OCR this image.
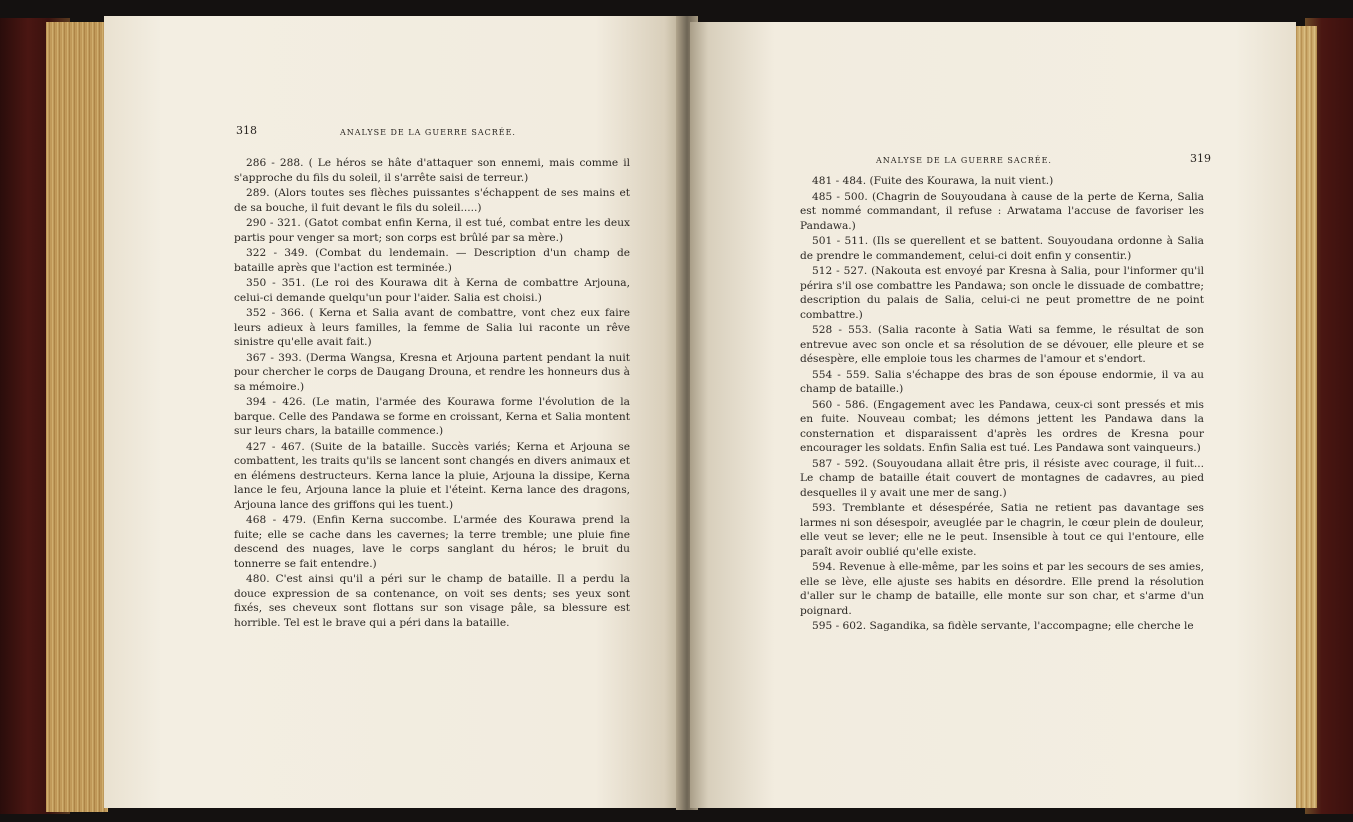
318	ANALYSE DE LA GUERRE SACRÉE.

286 - 288. ( Le héros se hâte d'attaquer son ennemi, mais comme il s'approche du fils du soleil, il s'arrête saisi de terreur.)

289. (Alors toutes ses flèches puissantes s'échappent de ses mains et de sa bouche, il fuit devant le fils du soleil.....)

290 - 321. (Gatot combat enfin Kerna, il est tué, combat entre les deux partis pour venger sa mort; son corps est brûlé par sa mère.)

322 - 349. (Combat du lendemain. — Description d'un champ de bataille après que l'action est terminée.)

350 - 351. (Le roi des Kourawa dit à Kerna de combattre Arjouna, celui-ci demande quelqu'un pour l'aider. Salia est choisi.)

352 - 366. ( Kerna et Salia avant de combattre, vont chez eux faire leurs adieux à leurs familles, la femme de Salia lui raconte un rêve sinistre qu'elle avait fait.)

367 - 393. (Derma Wangsa, Kresna et Arjouna partent pendant la nuit pour chercher le corps de Daugang Drouna, et rendre les honneurs dus à sa mémoire.)

394 - 426. (Le matin, l'armée des Kourawa forme l'évolution de la barque. Celle des Pandawa se forme en croissant, Kerna et Salia montent sur leurs chars, la bataille commence.)

427 - 467. (Suite de la bataille. Succès variés; Kerna et Arjouna se combattent, les traits qu'ils se lancent sont changés en divers animaux et en élémens destructeurs. Kerna lance la pluie, Arjouna la dissipe, Kerna lance le feu, Arjouna lance la pluie et l'éteint. Kerna lance des dragons, Arjouna lance des griffons qui les tuent.)

468 - 479. (Enfin Kerna succombe. L'armée des Kourawa prend la fuite; elle se cache dans les cavernes; la terre tremble; une pluie fine descend des nuages, lave le corps sanglant du héros; le bruit du tonnerre se fait entendre.)

480. C'est ainsi qu'il a péri sur le champ de bataille. Il a perdu la douce expression de sa contenance, on voit ses dents; ses yeux sont fixés, ses cheveux sont flottans sur son visage pâle, sa blessure est horrible. Tel est le brave qui a péri dans la bataille.

ANALYSE DE LA GUERRE SACRÉE.	319

481 - 484. (Fuite des Kourawa, la nuit vient.)

485 - 500. (Chagrin de Souyoudana à cause de la perte de Kerna, Salia est nommé commandant, il refuse : Arwatama l'accuse de favoriser les Pandawa.)

501 - 511. (Ils se querellent et se battent. Souyoudana ordonne à Salia de prendre le commandement, celui-ci doit enfin y consentir.)

512 - 527. (Nakouta est envoyé par Kresna à Salia, pour l'informer qu'il périra s'il ose combattre les Pandawa; son oncle le dissuade de combattre; description du palais de Salia, celui-ci ne peut promettre de ne point combattre.)

528 - 553. (Salia raconte à Satia Wati sa femme, le résultat de son entrevue avec son oncle et sa résolution de se dévouer, elle pleure et se désespère, elle emploie tous les charmes de l'amour et s'endort.

554 - 559. Salia s'échappe des bras de son épouse endormie, il va au champ de bataille.)

560 - 586. (Engagement avec les Pandawa, ceux-ci sont pressés et mis en fuite. Nouveau combat; les démons jettent les Pandawa dans la consternation et disparaissent d'après les ordres de Kresna pour encourager les soldats. Enfin Salia est tué. Les Pandawa sont vainqueurs.)

587 - 592. (Souyoudana allait être pris, il résiste avec courage, il fuit... Le champ de bataille était couvert de montagnes de cadavres, au pied desquelles il y avait une mer de sang.)

593. Tremblante et désespérée, Satia ne retient pas davantage ses larmes ni son désespoir, aveuglée par le chagrin, le cœur plein de douleur, elle veut se lever; elle ne le peut. Insensible à tout ce qui l'entoure, elle paraît avoir oublié qu'elle existe.

594. Revenue à elle-même, par les soins et par les secours de ses amies, elle se lève, elle ajuste ses habits en désordre. Elle prend la résolution d'aller sur le champ de bataille, elle monte sur son char, et s'arme d'un poignard.

595 - 602. Sagandika, sa fidèle servante, l'accompagne; elle cherche le
